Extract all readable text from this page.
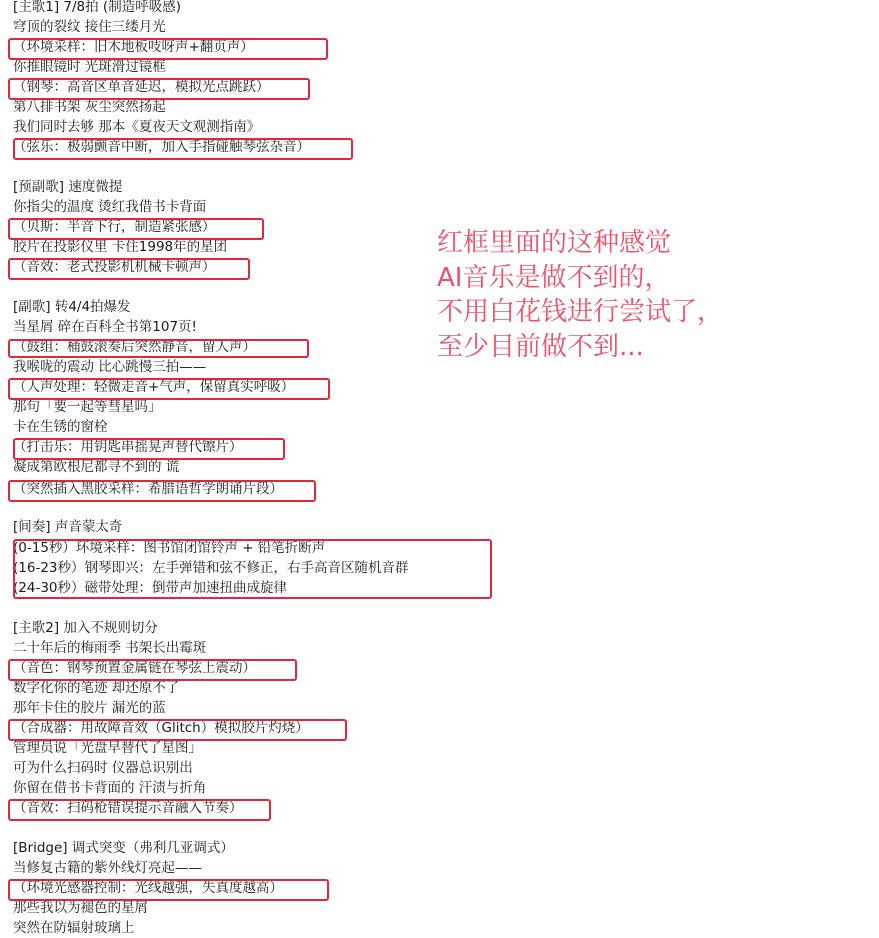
[主歌1] 7/8拍 (制造呼吸感)
穹顶的裂纹 接住三缕月光
（环境采样：旧木地板吱呀声+翻页声）
你推眼镜时 光斑滑过镜框
（钢琴：高音区单音延迟，模拟光点跳跃）
第八排书架 灰尘突然扬起
我们同时去够 那本《夏夜天文观测指南》
（弦乐：极弱颤音中断，加入手指碰触琴弦杂音）
[预副歌] 速度微提
你指尖的温度 烫红我借书卡背面
（贝斯：半音下行，制造紧张感）
胶片在投影仪里 卡住1998年的星团
（音效：老式投影机机械卡顿声）
[副歌] 转4/4拍爆发
当星屑 碎在百科全书第107页!
（鼓组：桶鼓滚奏后突然静音，留人声）
我喉咙的震动 比心跳慢三拍——
（人声处理：轻微走音+气声，保留真实呼吸）
那句「要一起等彗星吗」
卡在生锈的窗栓
（打击乐：用钥匙串摇晃声替代镲片）
凝成第欧根尼都寻不到的 谎
（突然插入黑胶采样：希腊语哲学朗诵片段）
[间奏] 声音蒙太奇
(0-15秒）环境采样：图书馆闭馆铃声 + 铅笔折断声
(16-23秒）钢琴即兴：左手弹错和弦不修正，右手高音区随机音群
(24-30秒）磁带处理：倒带声加速扭曲成旋律
[主歌2] 加入不规则切分
二十年后的梅雨季 书架长出霉斑
（音色：钢琴预置金属链在琴弦上震动）
数字化你的笔迹 却还原不了
那年卡住的胶片 漏光的蓝
（合成器：用故障音效（Glitch）模拟胶片灼烧）
管理员说「光盘早替代了星图」
可为什么扫码时 仪器总识别出
你留在借书卡背面的 汗渍与折角
（音效：扫码枪错误提示音融入节奏）
[Bridge] 调式突变（弗利几亚调式）
当修复古籍的紫外线灯亮起——
（环境光感器控制：光线越强，失真度越高）
那些我以为褪色的星屑
突然在防辐射玻璃上
红框里面的这种感觉
AI音乐是做不到的，
不用白花钱进行尝试了，
至少目前做不到...
